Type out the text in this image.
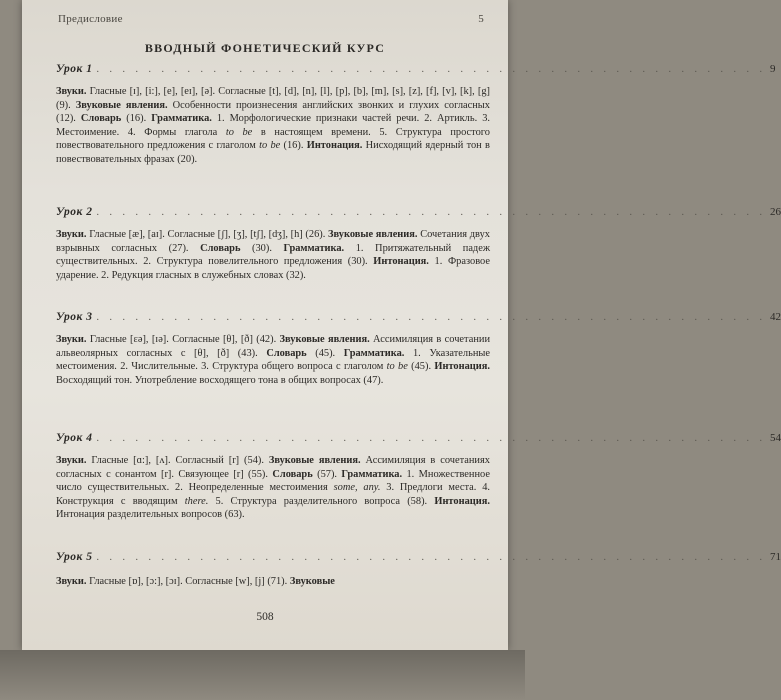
Предисловие	5
ВВОДНЫЙ ФОНЕТИЧЕСКИЙ КУРС
Урок 1 . . . . . . . . . . . . . . . . . . . . . . . . . . . . . . . . . . . . . . . . . . . . . . . . . . . . 9

Звуки. Гласные [ɪ], [i:], [e], [eɪ], [ə]. Согласные [t], [d], [n], [l], [p], [b], [m], [s], [z], [f], [v], [k], [g] (9). Звуковые явления. Особенности произнесения английских звонких и глухих согласных (12). Словарь (16). Грамматика. 1. Морфологические признаки частей речи. 2. Артикль. 3. Местоимение. 4. Формы глагола to be в настоящем времени. 5. Структура простого повествовательного предложения с глаголом to be (16). Интонация. Нисходящий ядерный тон в повествовательных фразах (20).

Урок 2 . . . . . . . . . . . . . . . . . . . . . . . . . . . . . . . . . . . . . . . . . . . . . . . . . . . . 26

Звуки. Гласные [æ], [aɪ]. Согласные [ʃ], [ʒ], [tʃ], [dʒ], [h] (26). Звуковые явления. Сочетания двух взрывных согласных (27). Словарь (30). Грамматика. 1. Притяжательный падеж существительных. 2. Структура повелительного предложения (30). Интонация. 1. Фразовое ударение. 2. Редукция гласных в служебных словах (32).

Урок 3 . . . . . . . . . . . . . . . . . . . . . . . . . . . . . . . . . . . . . . . . . . . . . . . . . . . . 42

Звуки. Гласные [ɛə], [ɪə]. Согласные [θ], [ð] (42). Звуковые явления. Ассимиляция в сочетании альвеолярных согласных с [θ], [ð] (43). Словарь (45). Грамматика. 1. Указательные местоимения. 2. Числительные. 3. Структура общего вопроса с глаголом to be (45). Интонация. Восходящий тон. Употребление восходящего тона в общих вопросах (47).

Урок 4 . . . . . . . . . . . . . . . . . . . . . . . . . . . . . . . . . . . . . . . . . . . . . . . . . . . . 54

Звуки. Гласные [ɑ:], [ʌ]. Согласный [r] (54). Звуковые явления. Ассимиляция в сочетаниях согласных с сонантом [r]. Связующее [r] (55). Словарь (57). Грамматика. 1. Множественное число существительных. 2. Неопределенные местоимения some, any. 3. Предлоги места. 4. Конструкция с вводящим there. 5. Структура разделительного вопроса (58). Интонация. Интонация разделительных вопросов (63).

Урок 5 . . . . . . . . . . . . . . . . . . . . . . . . . . . . . . . . . . . . . . . . . . . . . . . . . . . . 71

Звуки. Гласные [ɒ], [ɔ:], [ɔɪ]. Согласные [w], [j] (71). Звуковые

508
